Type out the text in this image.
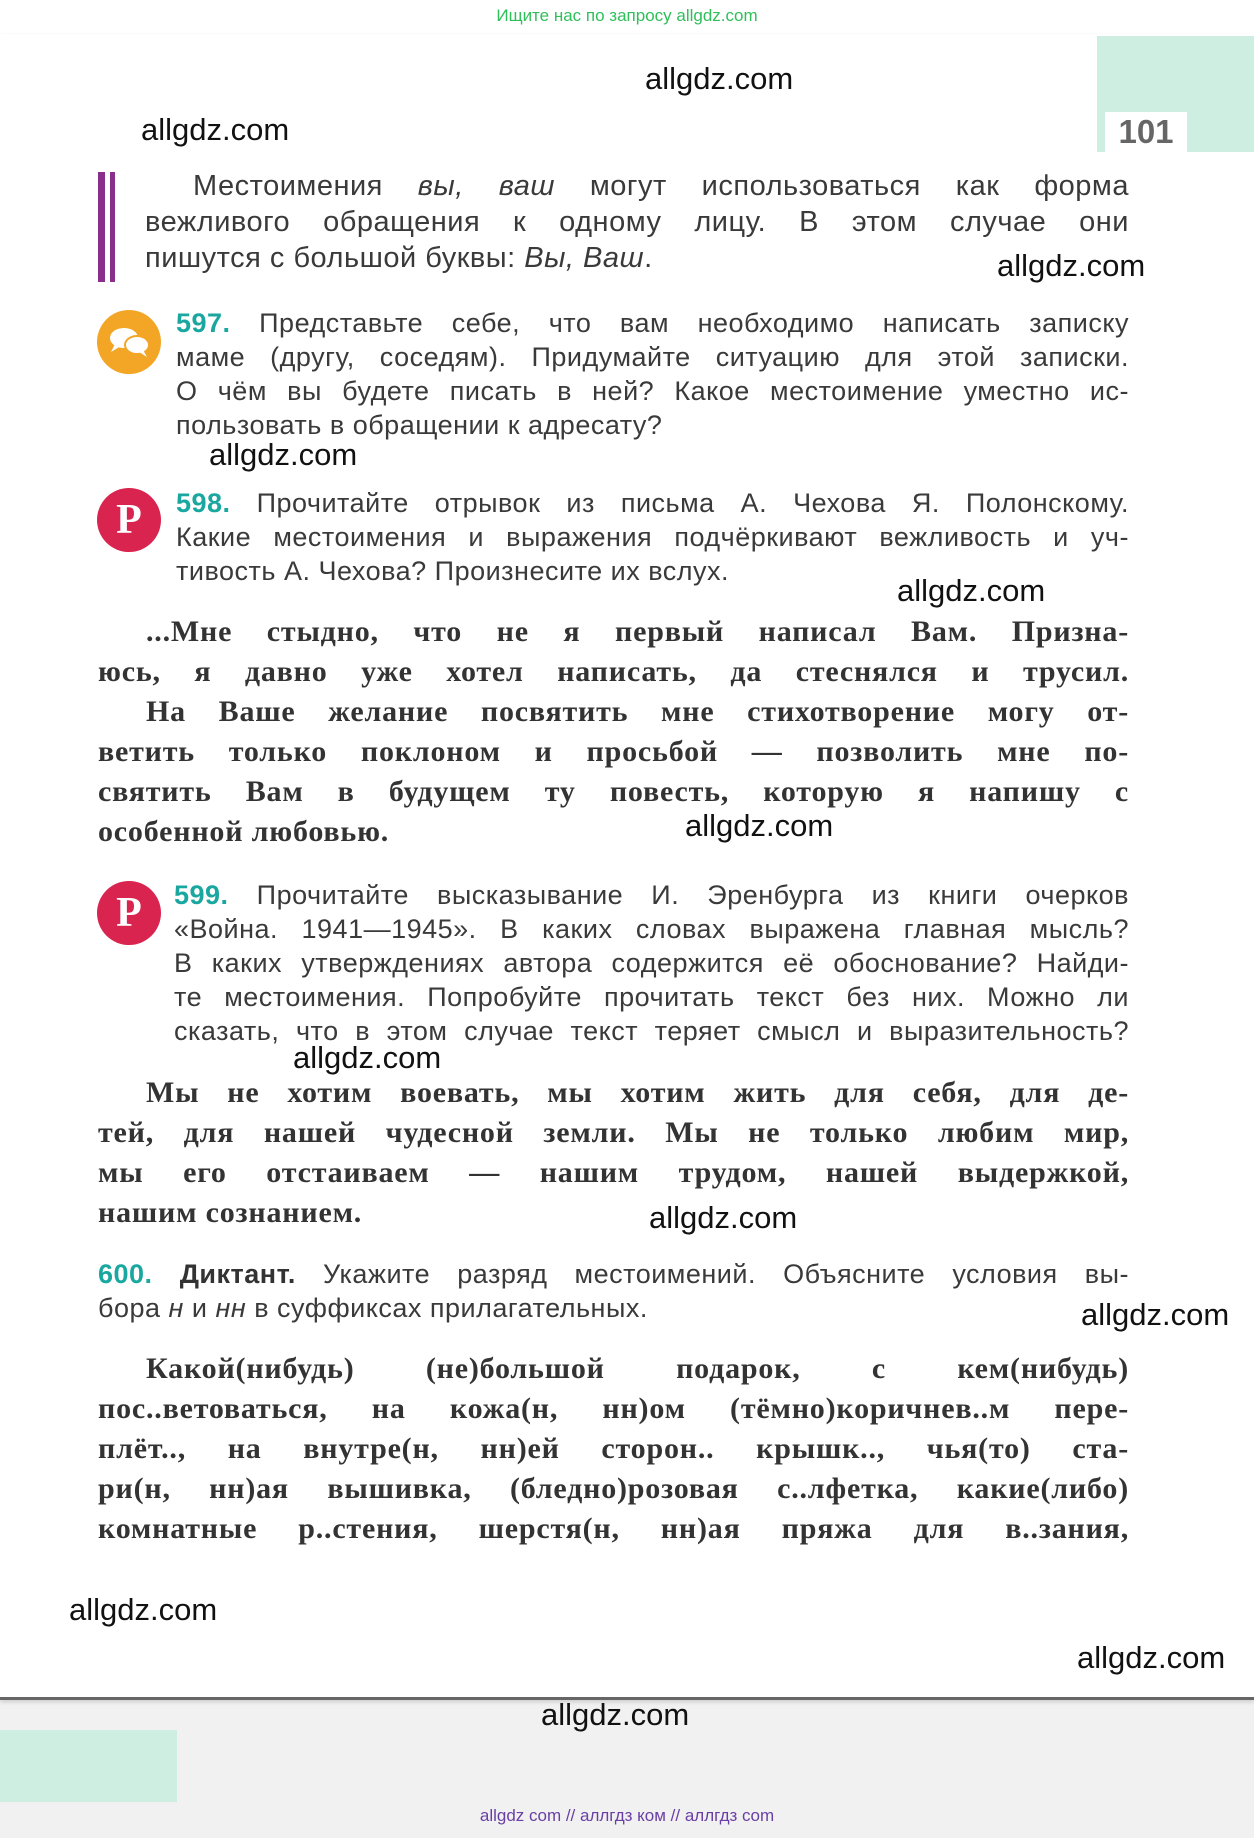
Ищите нас по запросу allgdz.com
101
Местоимения вы, ваш могут использоваться как форма
вежливого обращения к одному лицу. В этом случае они
пишутся с большой буквы: Вы, Ваш.
597. Представьте себе, что вам необходимо написать записку
маме (другу, соседям). Придумайте ситуацию для этой записки.
О чём вы будете писать в ней? Какое местоимение уместно ис-
пользовать в обращении к адресату?
Р	598. Прочитайте отрывок из письма А. Чехова Я. Полонскому.
Какие местоимения и выражения подчёркивают вежливость и уч-
тивость А. Чехова? Произнесите их вслух.
...Мне стыдно, что не я первый написал Вам. Призна-
юсь, я давно уже хотел написать, да стеснялся и трусил.
На Ваше желание посвятить мне стихотворение могу от-
ветить только поклоном и просьбой — позволить мне по-
святить Вам в будущем ту повесть, которую я напишу с
особенной любовью.
Р	599. Прочитайте высказывание И. Эренбурга из книги очерков
«Война. 1941—1945». В каких словах выражена главная мысль?
В каких утверждениях автора содержится её обоснование? Найди-
те местоимения. Попробуйте прочитать текст без них. Можно ли
сказать, что в этом случае текст теряет смысл и выразительность?
Мы не хотим воевать, мы хотим жить для себя, для де-
тей, для нашей чудесной земли. Мы не только любим мир,
мы его отстаиваем — нашим трудом, нашей выдержкой,
нашим сознанием.
600. Диктант. Укажите разряд местоимений. Объясните условия вы-
бора н и нн в суффиксах прилагательных.
Какой(нибудь) (не)большой подарок, с кем(нибудь)
пос..ветоваться, на кожа(н, нн)ом (тёмно)коричнев..м пере-
плёт.., на внутре(н, нн)ей сторон.. крышк.., чья(то) ста-
ри(н, нн)ая вышивка, (бледно)розовая с..лфетка, какие(либо)
комнатные р..стения, шерстя(н, нн)ая пряжа для в..зания,
allgdz.com
allgdz.com
allgdz.com
allgdz.com
allgdz.com
allgdz.com
allgdz.com
allgdz.com
allgdz.com
allgdz.com
allgdz.com
allgdz.com
allgdz com // аллгдз ком // аллгдз com
